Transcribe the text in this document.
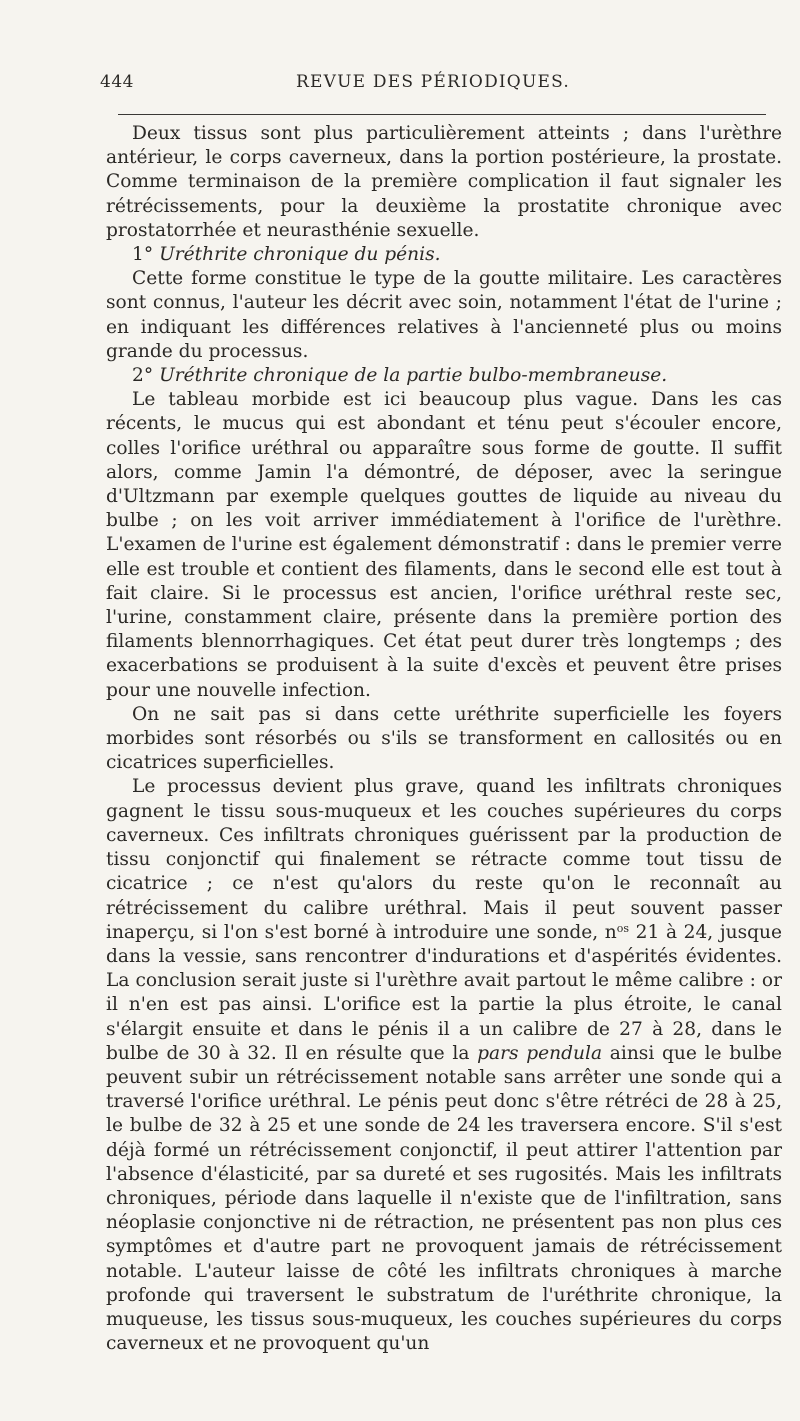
444	REVUE DES PÉRIODIQUES.

Deux tissus sont plus particulièrement atteints ; dans l'urèthre antérieur, le corps caverneux, dans la portion postérieure, la prostate. Comme terminaison de la première complication il faut signaler les rétrécissements, pour la deuxième la prostatite chronique avec prostatorrhée et neurasthénie sexuelle.

1° Uréthrite chronique du pénis.

Cette forme constitue le type de la goutte militaire. Les caractères sont connus, l'auteur les décrit avec soin, notamment l'état de l'urine ; en indiquant les différences relatives à l'ancienneté plus ou moins grande du processus.

2° Uréthrite chronique de la partie bulbo-membraneuse.

Le tableau morbide est ici beaucoup plus vague. Dans les cas récents, le mucus qui est abondant et ténu peut s'écouler encore, colles l'orifice uréthral ou apparaître sous forme de goutte. Il suffit alors, comme Jamin l'a démontré, de déposer, avec la seringue d'Ultzmann par exemple quelques gouttes de liquide au niveau du bulbe ; on les voit arriver immédiatement à l'orifice de l'urèthre. L'examen de l'urine est également démonstratif : dans le premier verre elle est trouble et contient des filaments, dans le second elle est tout à fait claire. Si le processus est ancien, l'orifice uréthral reste sec, l'urine, constamment claire, présente dans la première portion des filaments blennorrhagiques. Cet état peut durer très longtemps ; des exacerbations se produisent à la suite d'excès et peuvent être prises pour une nouvelle infection.

On ne sait pas si dans cette uréthrite superficielle les foyers morbides sont résorbés ou s'ils se transforment en callosités ou en cicatrices superficielles.

Le processus devient plus grave, quand les infiltrats chroniques gagnent le tissu sous-muqueux et les couches supérieures du corps caverneux. Ces infiltrats chroniques guérissent par la production de tissu conjonctif qui finalement se rétracte comme tout tissu de cicatrice ; ce n'est qu'alors du reste qu'on le reconnaît au rétrécissement du calibre uréthral. Mais il peut souvent passer inaperçu, si l'on s'est borné à introduire une sonde, $n^{os}$ 21 à 24, jusque dans la vessie, sans rencontrer d'indurations et d'aspérités évidentes. La conclusion serait juste si l'urèthre avait partout le même calibre : or il n'en est pas ainsi. L'orifice est la partie la plus étroite, le canal s'élargit ensuite et dans le pénis il a un calibre de 27 à 28, dans le bulbe de 30 à 32. Il en résulte que la pars pendula ainsi que le bulbe peuvent subir un rétrécissement notable sans arrêter une sonde qui a traversé l'orifice uréthral. Le pénis peut donc s'être rétréci de 28 à 25, le bulbe de 32 à 25 et une sonde de 24 les traversera encore. S'il s'est déjà formé un rétrécissement conjonctif, il peut attirer l'attention par l'absence d'élasticité, par sa dureté et ses rugosités. Mais les infiltrats chroniques, période dans laquelle il n'existe que de l'infiltration, sans néoplasie conjonctive ni de rétraction, ne présentent pas non plus ces symptômes et d'autre part ne provoquent jamais de rétrécissement notable. L'auteur laisse de côté les infiltrats chroniques à marche profonde qui traversent le substratum de l'uréthrite chronique, la muqueuse, les tissus sous-muqueux, les couches supérieures du corps caverneux et ne provoquent qu'un
